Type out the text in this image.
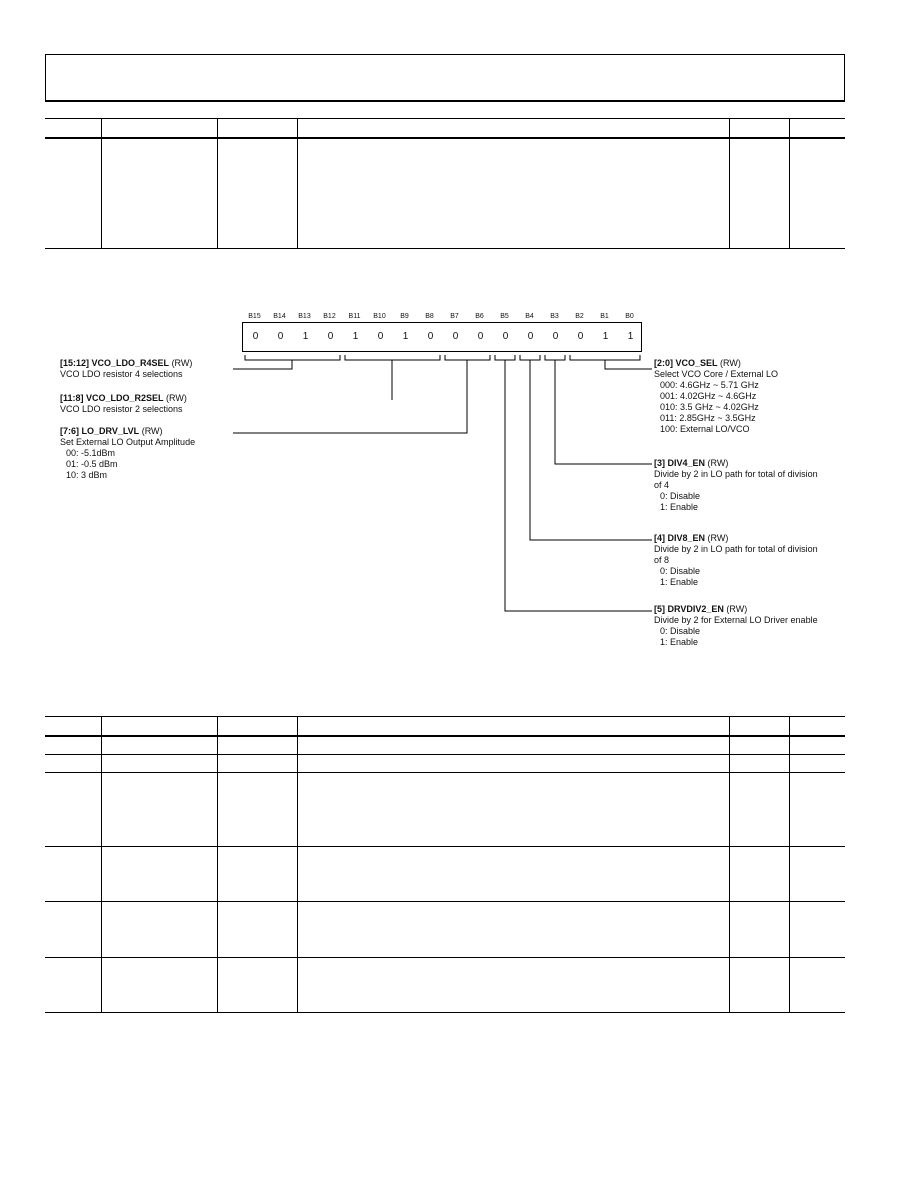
B15	B14	B13	B12	B11	B10	B9	B8	B7	B6	B5	B4	B3	B2	B1	B0
0	0	1	0	1	0	1	0	0	0	0	0	0	0	1	1
[15:12] VCO_LDO_R4SEL (RW)
VCO LDO resistor 4 selections
[11:8] VCO_LDO_R2SEL (RW)
VCO LDO resistor 2 selections
[7:6] LO_DRV_LVL (RW)
Set External LO Output Amplitude
00: -5.1dBm
01: -0.5 dBm
10: 3 dBm
[2:0] VCO_SEL (RW)
Select VCO Core / External LO
000: 4.6GHz ~ 5.71 GHz
001: 4.02GHz ~ 4.6GHz
010: 3.5 GHz ~ 4.02GHz
011: 2.85GHz ~ 3.5GHz
100: External LO/VCO
[3] DIV4_EN (RW)
Divide by 2 in LO path for total of division
of 4
0: Disable
1: Enable
[4] DIV8_EN (RW)
Divide by 2 in LO path for total of division
of 8
0: Disable
1: Enable
[5] DRVDIV2_EN (RW)
Divide by 2 for External LO Driver enable
0: Disable
1: Enable
